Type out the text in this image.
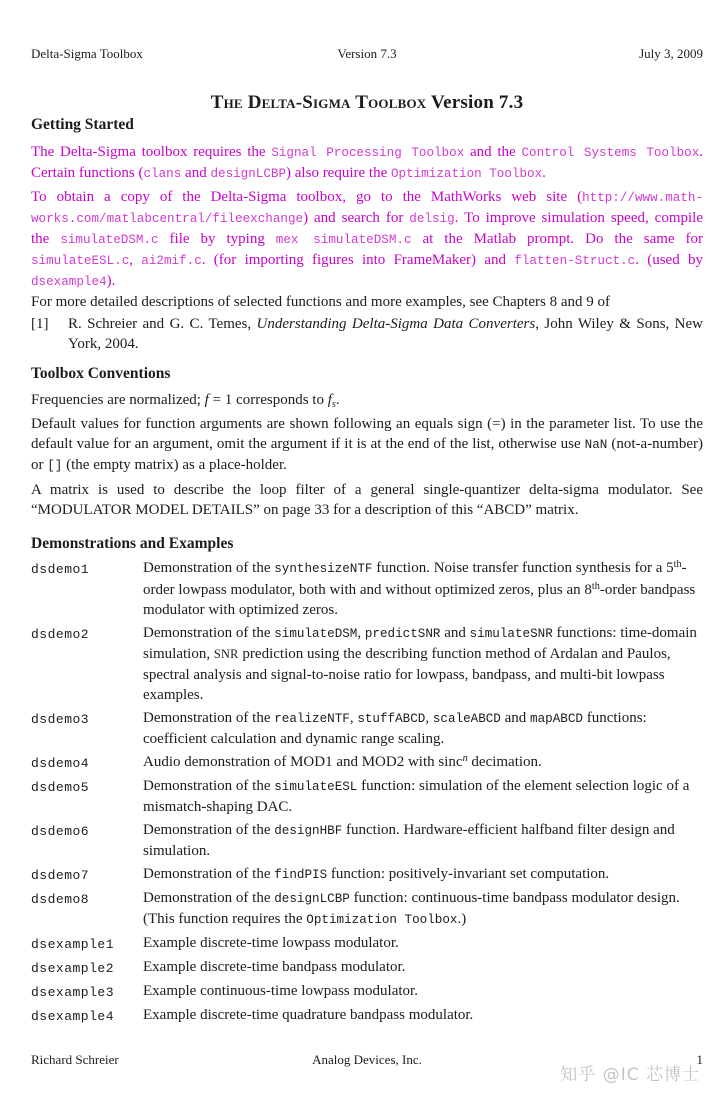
Delta-Sigma Toolbox	Version 7.3	July 3, 2009
The Delta-Sigma Toolbox Version 7.3
Getting Started

The Delta-Sigma toolbox requires the Signal Processing Toolbox and the Control Systems Toolbox. Certain functions (clans and designLCBP) also require the Optimization Toolbox.

To obtain a copy of the Delta-Sigma toolbox, go to the MathWorks web site (http://www.math-works.com/matlabcentral/fileexchange) and search for delsig. To improve simulation speed, compile the simulateDSM.c file by typing mex simulateDSM.c at the Matlab prompt. Do the same for simulateESL.c, ai2mif.c. (for importing figures into FrameMaker) and flatten-Struct.c. (used by dsexample4).

For more detailed descriptions of selected functions and more examples, see Chapters 8 and 9 of

[1] R. Schreier and G. C. Temes, Understanding Delta-Sigma Data Converters, John Wiley & Sons, New York, 2004.
Toolbox Conventions

Frequencies are normalized; f = 1 corresponds to fs.

Default values for function arguments are shown following an equals sign (=) in the parameter list. To use the default value for an argument, omit the argument if it is at the end of the list, otherwise use NaN (not-a-number) or [] (the empty matrix) as a place-holder.

A matrix is used to describe the loop filter of a general single-quantizer delta-sigma modulator. See “MODULATOR MODEL DETAILS” on page 33 for a description of this “ABCD” matrix.

Demonstrations and Examples
dsdemo1	Demonstration of the synthesizeNTF function. Noise transfer function synthesis for a 5th-order lowpass modulator, both with and without optimized zeros, plus an 8th-order bandpass modulator with optimized zeros.
dsdemo2	Demonstration of the simulateDSM, predictSNR and simulateSNR functions: time-domain simulation, SNR prediction using the describing function method of Ardalan and Paulos, spectral analysis and signal-to-noise ratio for lowpass, bandpass, and multi-bit lowpass examples.
dsdemo3	Demonstration of the realizeNTF, stuffABCD, scaleABCD and mapABCD functions: coefficient calculation and dynamic range scaling.
dsdemo4	Audio demonstration of MOD1 and MOD2 with sinc$^n$ decimation.
dsdemo5	Demonstration of the simulateESL function: simulation of the element selection logic of a mismatch-shaping DAC.
dsdemo6	Demonstration of the designHBF function. Hardware-efficient halfband filter design and simulation.
dsdemo7	Demonstration of the findPIS function: positively-invariant set computation.
dsdemo8	Demonstration of the designLCBP function: continuous-time bandpass modulator design. (This function requires the Optimization Toolbox.)
dsexample1	Example discrete-time lowpass modulator.
dsexample2	Example discrete-time bandpass modulator.
dsexample3	Example continuous-time lowpass modulator.
dsexample4	Example discrete-time quadrature bandpass modulator.
Richard Schreier	Analog Devices, Inc.	1
知乎 @IC 芯博士
